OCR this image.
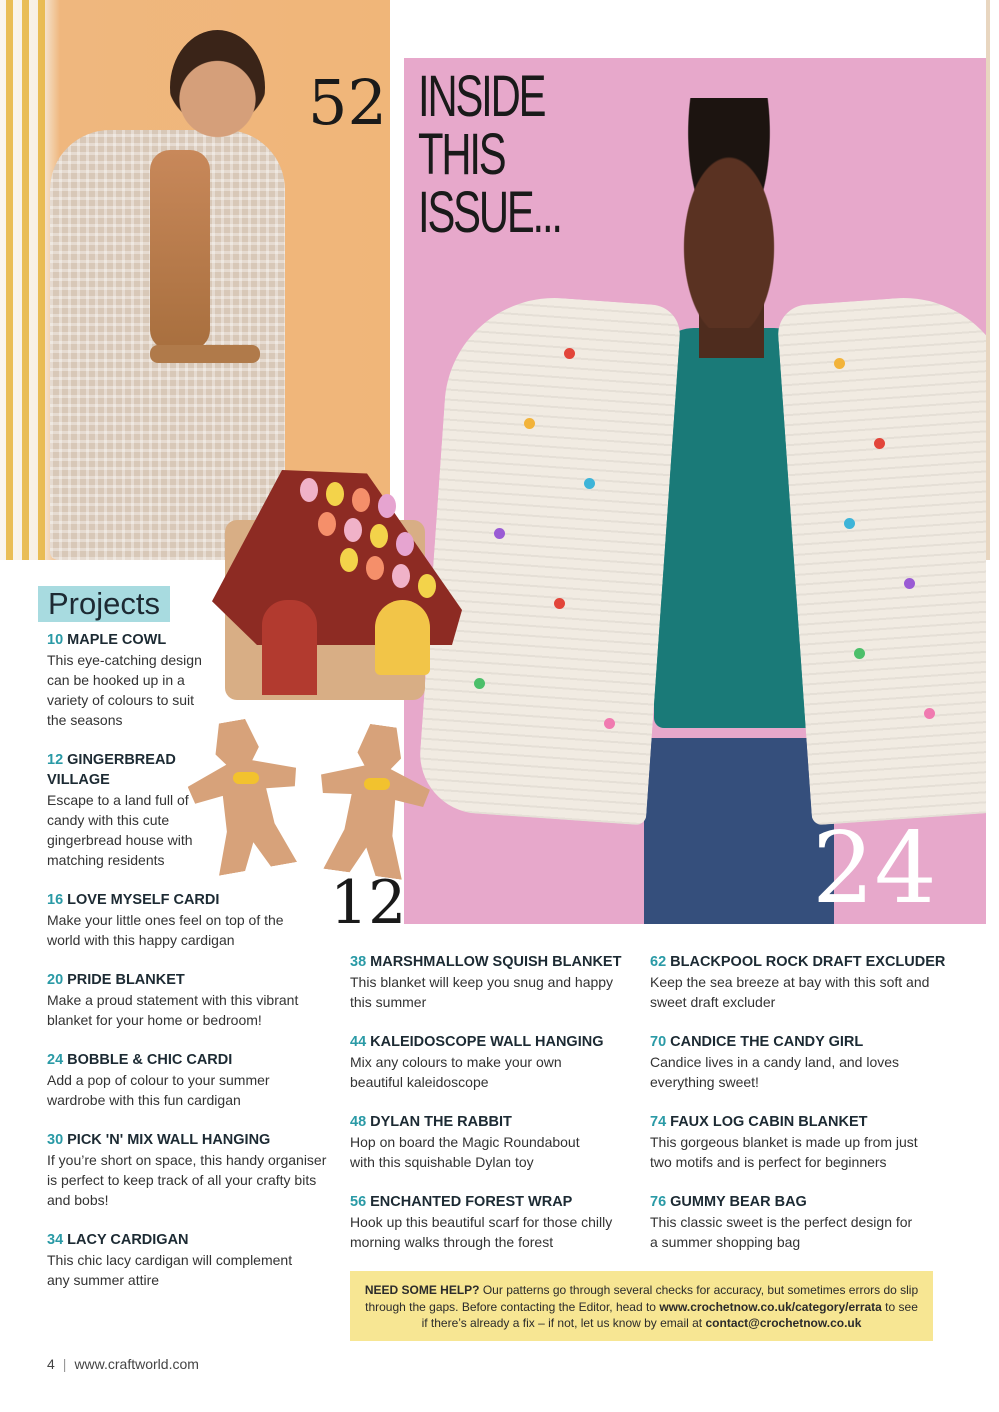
INSIDE
THIS
ISSUE...
52
24
12
Projects
10 MAPLE COWL
This eye-catching design can be hooked up in a variety of colours to suit the seasons
12 GINGERBREAD VILLAGE
Escape to a land full of candy with this cute gingerbread house with matching residents
16 LOVE MYSELF CARDI
Make your little ones feel on top of the world with this happy cardigan
20 PRIDE BLANKET
Make a proud statement with this vibrant blanket for your home or bedroom!
24 BOBBLE & CHIC CARDI
Add a pop of colour to your summer wardrobe with this fun cardigan
30 PICK 'N' MIX WALL HANGING
If you’re short on space, this handy organiser is perfect to keep track of all your crafty bits and bobs!
34 LACY CARDIGAN
This chic lacy cardigan will complement any summer attire
38 MARSHMALLOW SQUISH BLANKET
This blanket will keep you snug and happy this summer
44 KALEIDOSCOPE WALL HANGING
Mix any colours to make your own beautiful kaleidoscope
48 DYLAN THE RABBIT
Hop on board the Magic Roundabout with this squishable Dylan toy
56 ENCHANTED FOREST WRAP
Hook up this beautiful scarf for those chilly morning walks through the forest
62 BLACKPOOL ROCK DRAFT EXCLUDER
Keep the sea breeze at bay with this soft and sweet draft excluder
70 CANDICE THE CANDY GIRL
Candice lives in a candy land, and loves everything sweet!
74 FAUX LOG CABIN BLANKET
This gorgeous blanket is made up from just two motifs and is perfect for beginners
76 GUMMY BEAR BAG
This classic sweet is the perfect design for a summer shopping bag
NEED SOME HELP? Our patterns go through several checks for accuracy, but sometimes errors do slip through the gaps. Before contacting the Editor, head to www.crochetnow.co.uk/category/errata to see if there’s already a fix – if not, let us know by email at contact@crochetnow.co.uk
4 | www.craftworld.com
